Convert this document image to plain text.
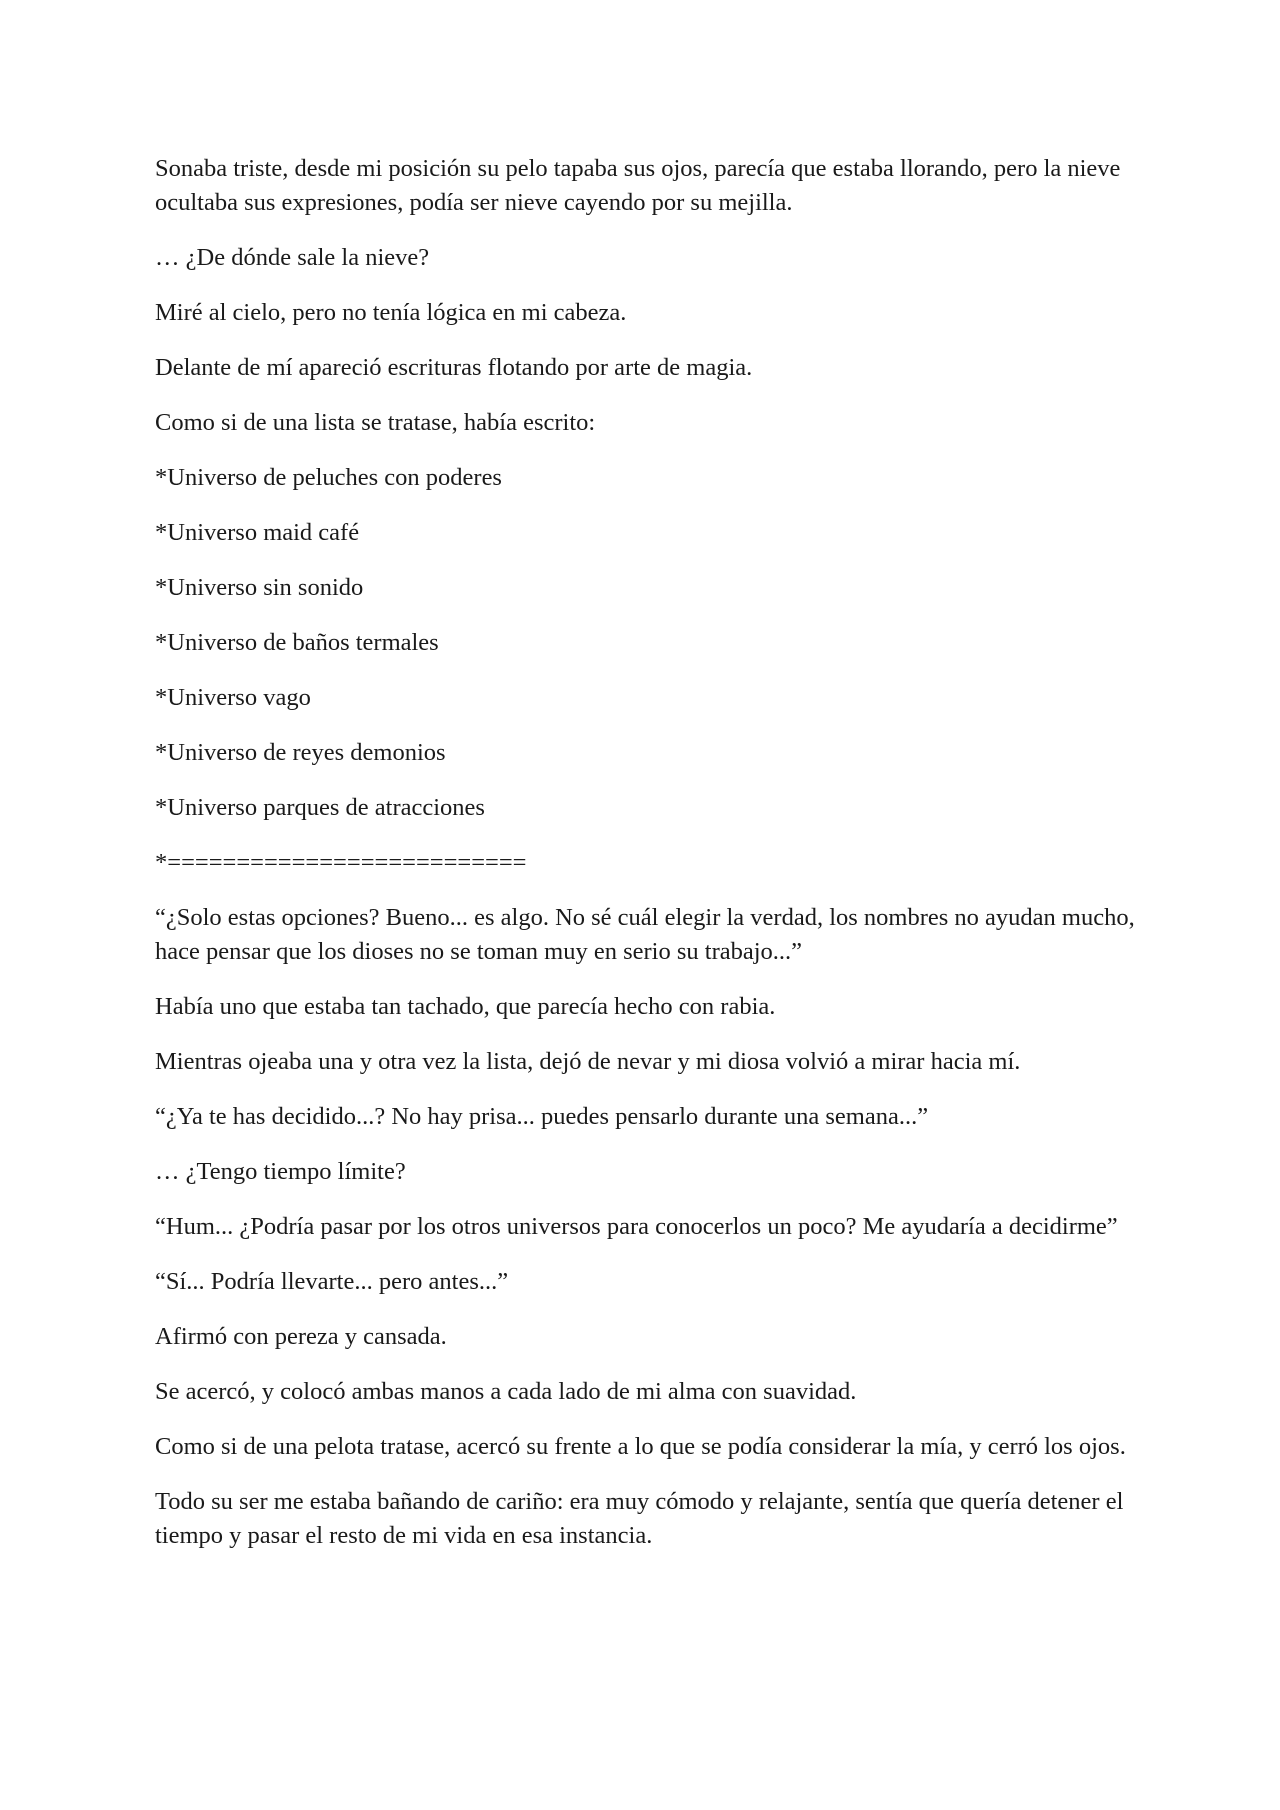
Sonaba triste, desde mi posición su pelo tapaba sus ojos, parecía que estaba llorando, pero la nieve ocultaba sus expresiones, podía ser nieve cayendo por su mejilla.

… ¿De dónde sale la nieve?

Miré al cielo, pero no tenía lógica en mi cabeza.

Delante de mí apareció escrituras flotando por arte de magia.

Como si de una lista se tratase, había escrito:

*Universo de peluches con poderes

*Universo maid café

*Universo sin sonido

*Universo de baños termales

*Universo vago

*Universo de reyes demonios

*Universo parques de atracciones

*==========================

“¿Solo estas opciones? Bueno... es algo. No sé cuál elegir la verdad, los nombres no ayudan mucho, hace pensar que los dioses no se toman muy en serio su trabajo...”

Había uno que estaba tan tachado, que parecía hecho con rabia.

Mientras ojeaba una y otra vez la lista, dejó de nevar y mi diosa volvió a mirar hacia mí.

“¿Ya te has decidido...? No hay prisa... puedes pensarlo durante una semana...”

… ¿Tengo tiempo límite?

“Hum... ¿Podría pasar por los otros universos para conocerlos un poco? Me ayudaría a decidirme”

“Sí... Podría llevarte... pero antes...”

Afirmó con pereza y cansada.

Se acercó, y colocó ambas manos a cada lado de mi alma con suavidad.

Como si de una pelota tratase, acercó su frente a lo que se podía considerar la mía, y cerró los ojos.

Todo su ser me estaba bañando de cariño: era muy cómodo y relajante, sentía que quería detener el tiempo y pasar el resto de mi vida en esa instancia.
